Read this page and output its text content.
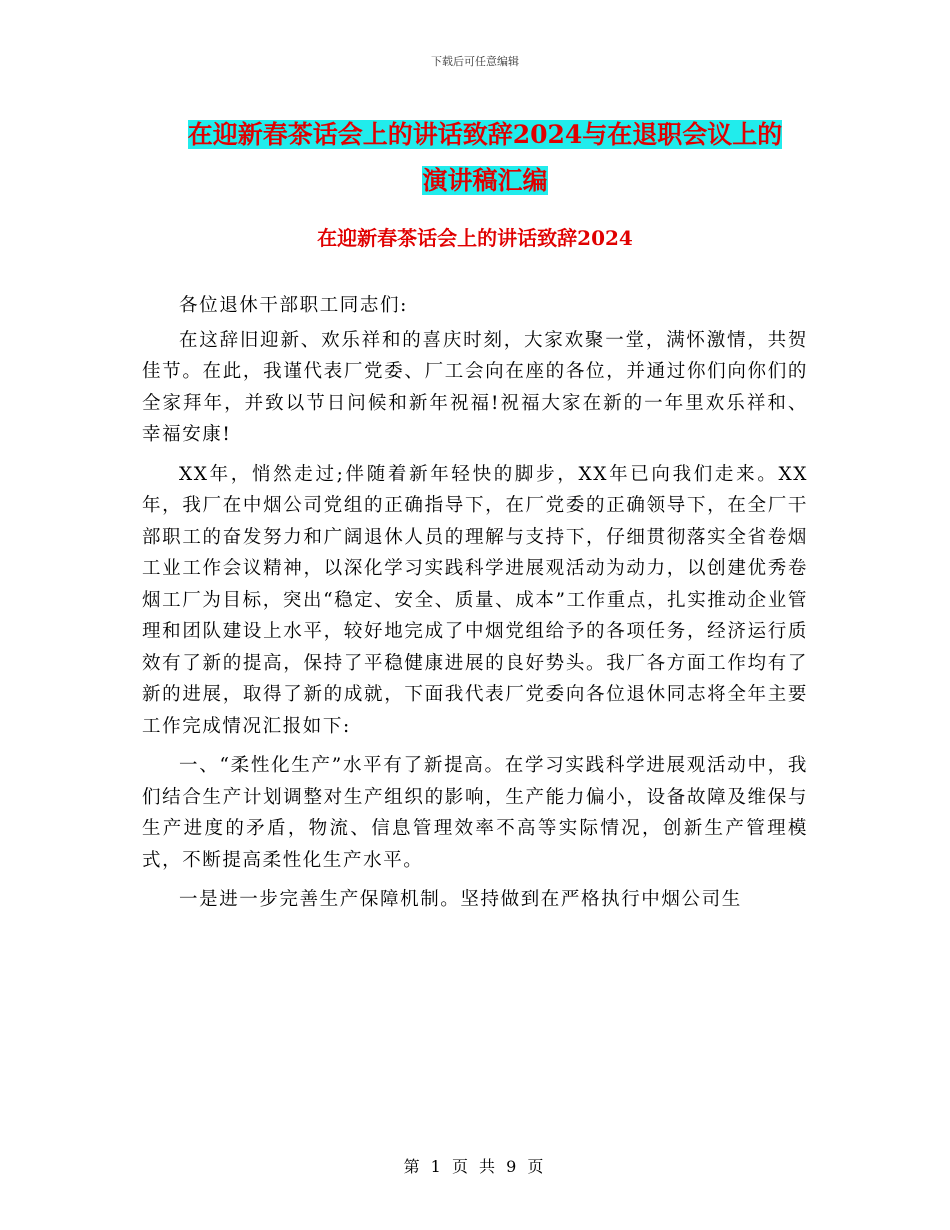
下载后可任意编辑
在迎新春茶话会上的讲话致辞2024与在退职会议上的
演讲稿汇编
在迎新春茶话会上的讲话致辞2024

各位退休干部职工同志们:

在这辞旧迎新、欢乐祥和的喜庆时刻，大家欢聚一堂，满怀激情，共贺佳节。在此，我谨代表厂党委、厂工会向在座的各位，并通过你们向你们的全家拜年，并致以节日问候和新年祝福!祝福大家在新的一年里欢乐祥和、幸福安康!

XX年，悄然走过;伴随着新年轻快的脚步，XX年已向我们走来。XX年，我厂在中烟公司党组的正确指导下，在厂党委的正确领导下，在全厂干部职工的奋发努力和广阔退休人员的理解与支持下，仔细贯彻落实全省卷烟工业工作会议精神，以深化学习实践科学进展观活动为动力，以创建优秀卷烟工厂为目标，突出“稳定、安全、质量、成本”工作重点，扎实推动企业管理和团队建设上水平，较好地完成了中烟党组给予的各项任务，经济运行质效有了新的提高，保持了平稳健康进展的良好势头。我厂各方面工作均有了新的进展，取得了新的成就，下面我代表厂党委向各位退休同志将全年主要工作完成情况汇报如下:

一、“柔性化生产”水平有了新提高。在学习实践科学进展观活动中，我们结合生产计划调整对生产组织的影响，生产能力偏小，设备故障及维保与生产进度的矛盾，物流、信息管理效率不高等实际情况，创新生产管理模式，不断提高柔性化生产水平。

一是进一步完善生产保障机制。坚持做到在严格执行中烟公司生

第 1 页 共 9 页
